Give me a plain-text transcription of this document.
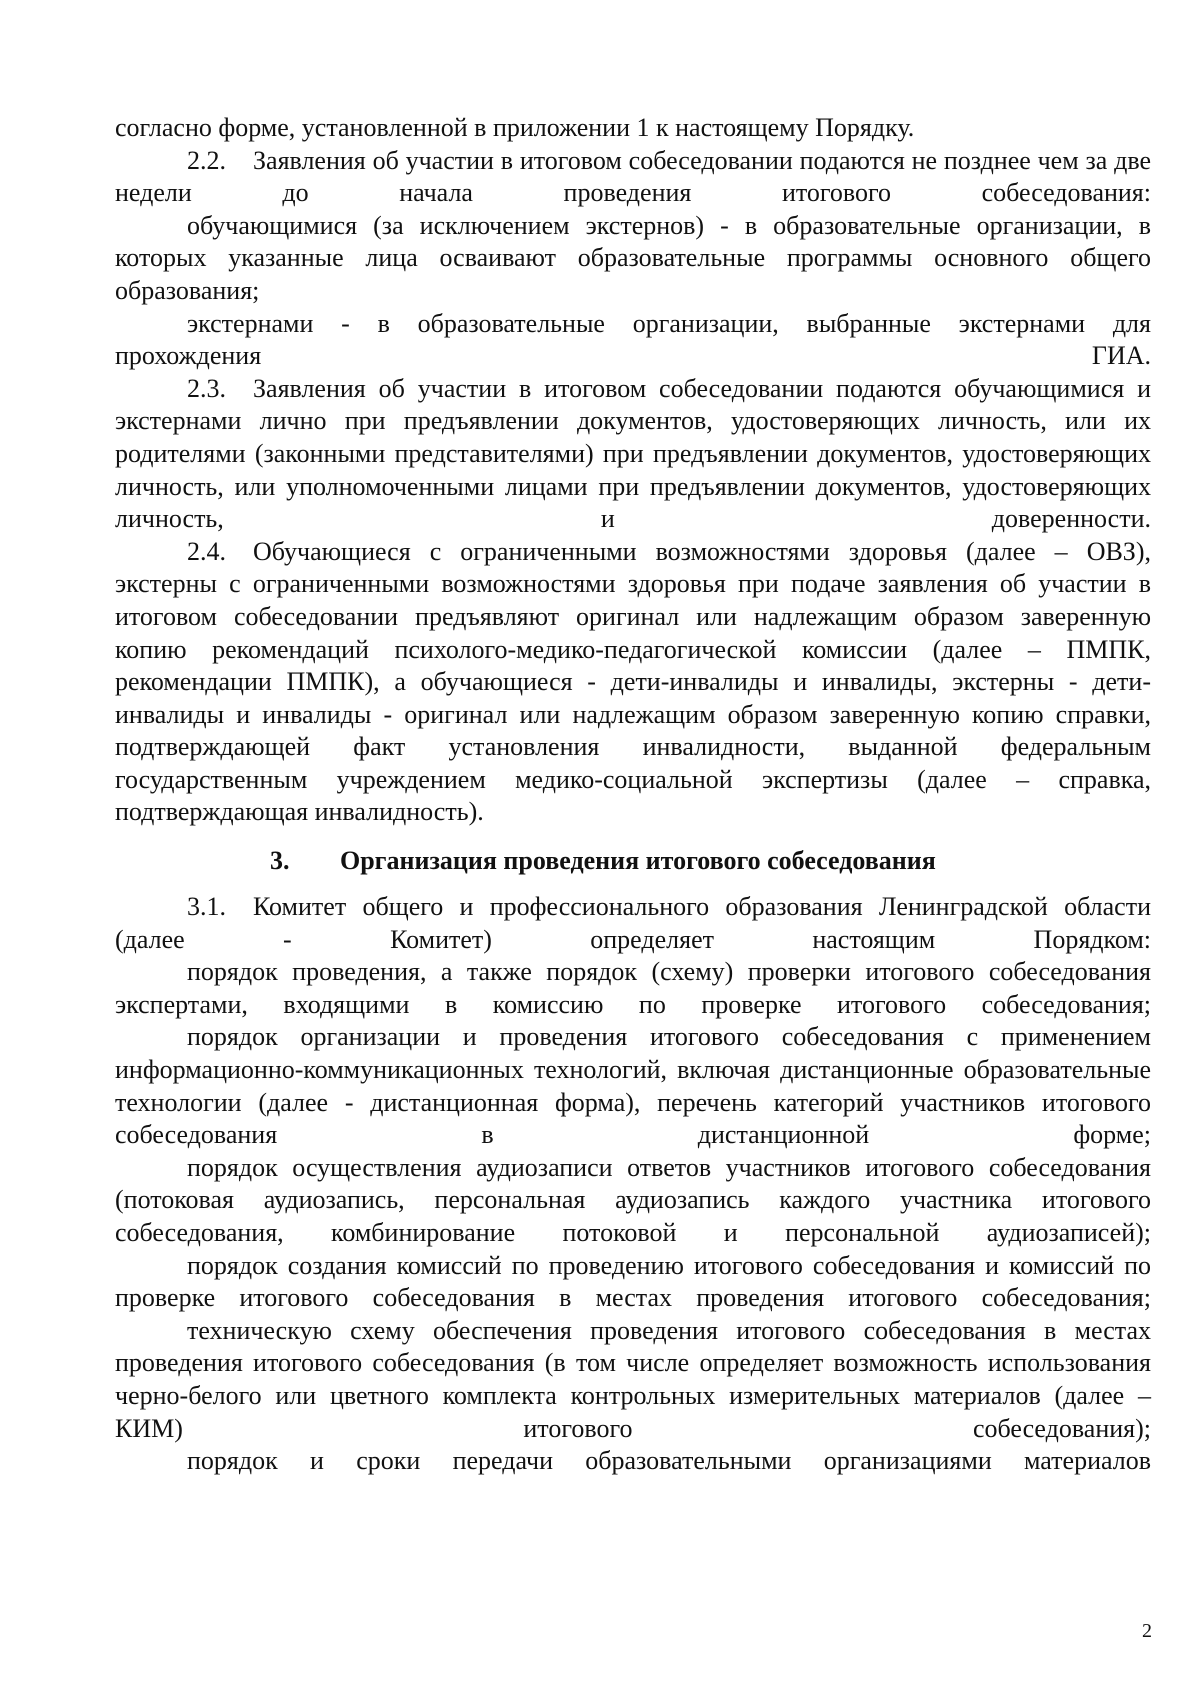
согласно форме, установленной в приложении 1 к настоящему Порядку.

2.2. Заявления об участии в итоговом собеседовании подаются не позднее чем за две недели до начала проведения итогового собеседования:

обучающимися (за исключением экстернов) - в образовательные организации, в которых указанные лица осваивают образовательные программы основного общего образования;

экстернами - в образовательные организации, выбранные экстернами для прохождения ГИА.

2.3. Заявления об участии в итоговом собеседовании подаются обучающимися и экстернами лично при предъявлении документов, удостоверяющих личность, или их родителями (законными представителями) при предъявлении документов, удостоверяющих личность, или уполномоченными лицами при предъявлении документов, удостоверяющих личность, и доверенности.

2.4. Обучающиеся с ограниченными возможностями здоровья (далее – ОВЗ), экстерны с ограниченными возможностями здоровья при подаче заявления об участии в итоговом собеседовании предъявляют оригинал или надлежащим образом заверенную копию рекомендаций психолого-медико-педагогической комиссии (далее – ПМПК, рекомендации ПМПК), а обучающиеся - дети-инвалиды и инвалиды, экстерны - дети-инвалиды и инвалиды - оригинал или надлежащим образом заверенную копию справки, подтверждающей факт установления инвалидности, выданной федеральным государственным учреждением медико-социальной экспертизы (далее – справка, подтверждающая инвалидность).

3. Организация проведения итогового собеседования

3.1. Комитет общего и профессионального образования Ленинградской области (далее - Комитет) определяет настоящим Порядком:

порядок проведения, а также порядок (схему) проверки итогового собеседования экспертами, входящими в комиссию по проверке итогового собеседования;

порядок организации и проведения итогового собеседования с применением информационно-коммуникационных технологий, включая дистанционные образовательные технологии (далее - дистанционная форма), перечень категорий участников итогового собеседования в дистанционной форме;

порядок осуществления аудиозаписи ответов участников итогового собеседования (потоковая аудиозапись, персональная аудиозапись каждого участника итогового собеседования, комбинирование потоковой и персональной аудиозаписей);

порядок создания комиссий по проведению итогового собеседования и комиссий по проверке итогового собеседования в местах проведения итогового собеседования;

техническую схему обеспечения проведения итогового собеседования в местах проведения итогового собеседования (в том числе определяет возможность использования черно-белого или цветного комплекта контрольных измерительных материалов (далее – КИМ) итогового собеседования);

порядок и сроки передачи образовательными организациями материалов

2
